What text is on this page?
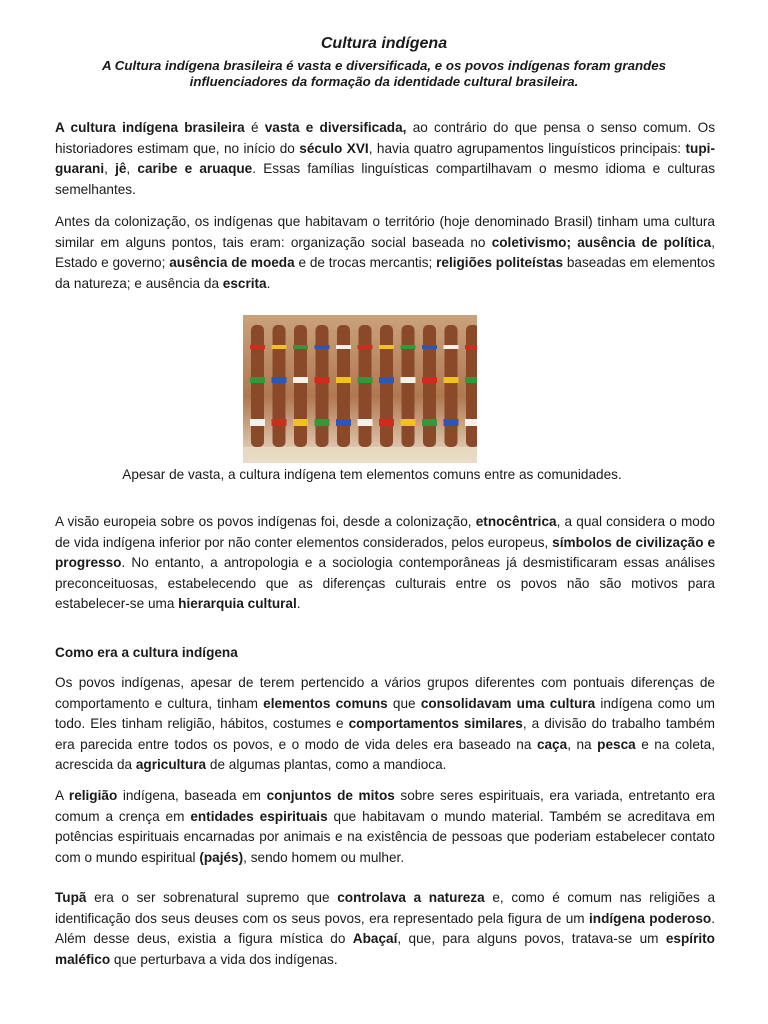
Cultura indígena
A Cultura indígena brasileira é vasta e diversificada, e os povos indígenas foram grandes influenciadores da formação da identidade cultural brasileira.

A cultura indígena brasileira é vasta e diversificada, ao contrário do que pensa o senso comum. Os historiadores estimam que, no início do século XVI, havia quatro agrupamentos linguísticos principais: tupi-guarani, jê, caribe e aruaque. Essas famílias linguísticas compartilhavam o mesmo idioma e culturas semelhantes.

Antes da colonização, os indígenas que habitavam o território (hoje denominado Brasil) tinham uma cultura similar em alguns pontos, tais eram: organização social baseada no coletivismo; ausência de política, Estado e governo; ausência de moeda e de trocas mercantis; religiões politeístas baseadas em elementos da natureza; e ausência da escrita.

Apesar de vasta, a cultura indígena tem elementos comuns entre as comunidades.

A visão europeia sobre os povos indígenas foi, desde a colonização, etnocêntrica, a qual considera o modo de vida indígena inferior por não conter elementos considerados, pelos europeus, símbolos de civilização e progresso. No entanto, a antropologia e a sociologia contemporâneas já desmistificaram essas análises preconceituosas, estabelecendo que as diferenças culturais entre os povos não são motivos para estabelecer-se uma hierarquia cultural.

Como era a cultura indígena

Os povos indígenas, apesar de terem pertencido a vários grupos diferentes com pontuais diferenças de comportamento e cultura, tinham elementos comuns que consolidavam uma cultura indígena como um todo. Eles tinham religião, hábitos, costumes e comportamentos similares, a divisão do trabalho também era parecida entre todos os povos, e o modo de vida deles era baseado na caça, na pesca e na coleta, acrescida da agricultura de algumas plantas, como a mandioca.

A religião indígena, baseada em conjuntos de mitos sobre seres espirituais, era variada, entretanto era comum a crença em entidades espirituais que habitavam o mundo material. Também se acreditava em potências espirituais encarnadas por animais e na existência de pessoas que poderiam estabelecer contato com o mundo espiritual (pajés), sendo homem ou mulher.

Tupã era o ser sobrenatural supremo que controlava a natureza e, como é comum nas religiões a identificação dos seus deuses com os seus povos, era representado pela figura de um indígena poderoso. Além desse deus, existia a figura mística do Abaçaí, que, para alguns povos, tratava-se um espírito maléfico que perturbava a vida dos indígenas.
